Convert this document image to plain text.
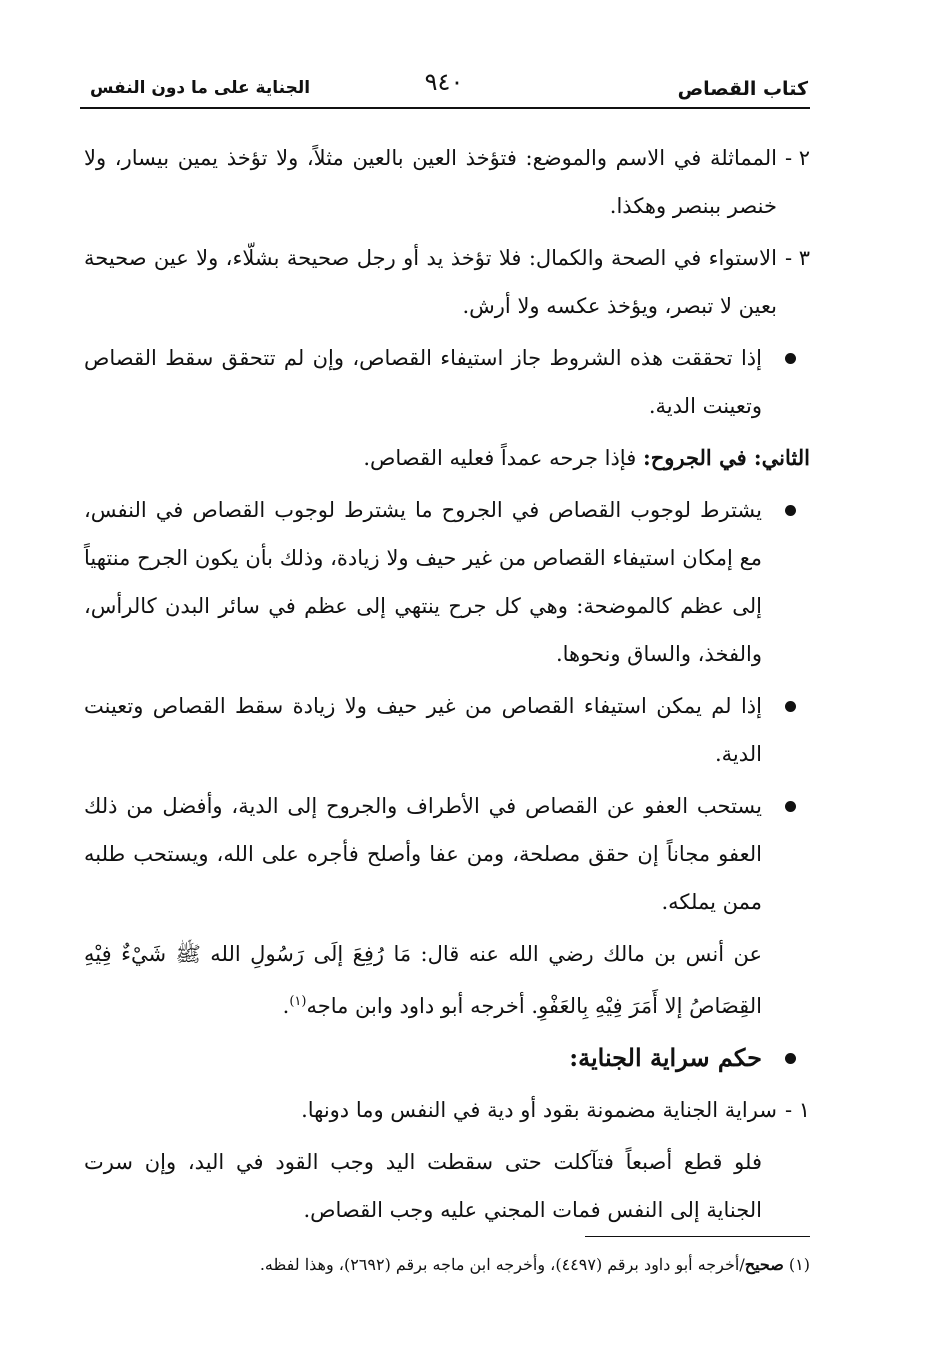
كتاب القصاص
٩٤٠
الجناية على ما دون النفس
٢ -
المماثلة في الاسم والموضع: فتؤخذ العين بالعين مثلاً، ولا تؤخذ يمين بيسار، ولا خنصر ببنصر وهكذا.
٣ -
الاستواء في الصحة والكمال: فلا تؤخذ يد أو رجل صحيحة بشلّاء، ولا عين صحيحة بعين لا تبصر، ويؤخذ عكسه ولا أرش.
إذا تحققت هذه الشروط جاز استيفاء القصاص، وإن لم تتحقق سقط القصاص وتعينت الدية.

الثاني: في الجروح: فإذا جرحه عمداً فعليه القصاص.

يشترط لوجوب القصاص في الجروح ما يشترط لوجوب القصاص في النفس، مع إمكان استيفاء القصاص من غير حيف ولا زيادة، وذلك بأن يكون الجرح منتهياً إلى عظم كالموضحة: وهي كل جرح ينتهي إلى عظم في سائر البدن كالرأس، والفخذ، والساق ونحوها.
إذا لم يمكن استيفاء القصاص من غير حيف ولا زيادة سقط القصاص وتعينت الدية.
يستحب العفو عن القصاص في الأطراف والجروح إلى الدية، وأفضل من ذلك العفو مجاناً إن حقق مصلحة، ومن عفا وأصلح فأجره على الله، ويستحب طلبه ممن يملكه.

عن أنس بن مالك رضي الله عنه قال: مَا رُفِعَ إلَى رَسُولِ الله ﷺ شَيْءٌ فِيْهِ القِصَاصُ إلا أَمَرَ فِيْهِ بِالعَفْوِ. أخرجه أبو داود وابن ماجه$^{(١)}$.

حكم سراية الجناية:
١ -
سراية الجناية مضمونة بقود أو دية في النفس وما دونها.

فلو قطع أصبعاً فتآكلت حتى سقطت اليد وجب القود في اليد، وإن سرت الجناية إلى النفس فمات المجني عليه وجب القصاص.

(١) صحيح/أخرجه أبو داود برقم (٤٤٩٧)، وأخرجه ابن ماجه برقم (٢٦٩٢)، وهذا لفظه.
